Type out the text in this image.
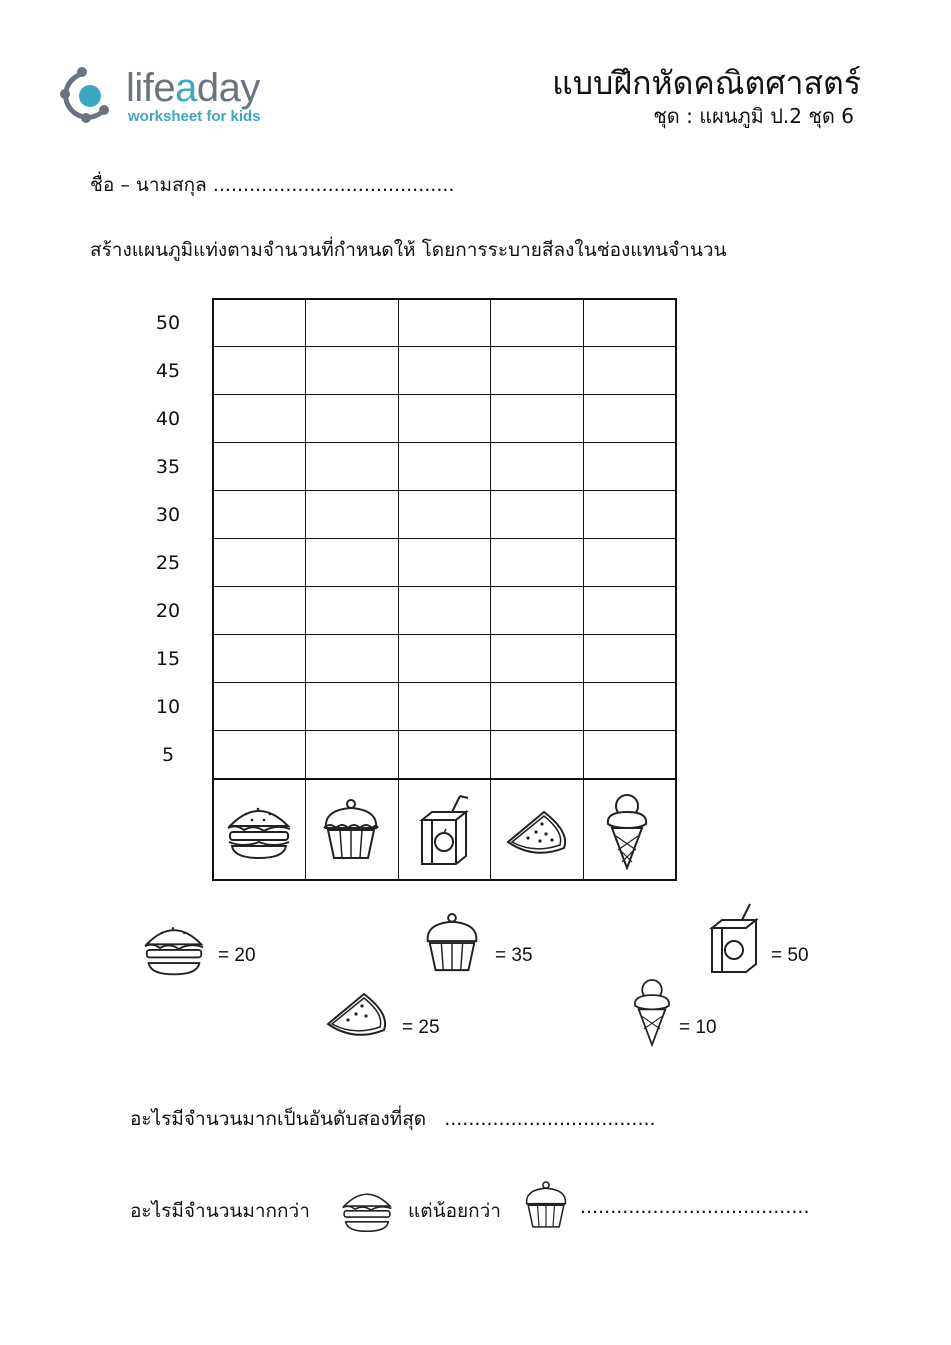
lifeaday
worksheet for kids
แบบฝึกหัดคณิตศาสตร์
ชุด : แผนภูมิ ป.2 ชุด 6
ชื่อ – นามสกุล ........................................
สร้างแผนภูมิแท่งตามจำนวนที่กำหนดให้ โดยการระบายสีลงในช่องแทนจำนวน
50
45
40
35
30
25
20
15
10
5
= 20	= 35	= 50
= 25	= 10
อะไรมีจำนวนมากเป็นอันดับสองที่สุด ...................................
อะไรมีจำนวนมากกว่า	แต่น้อยกว่า	......................................
